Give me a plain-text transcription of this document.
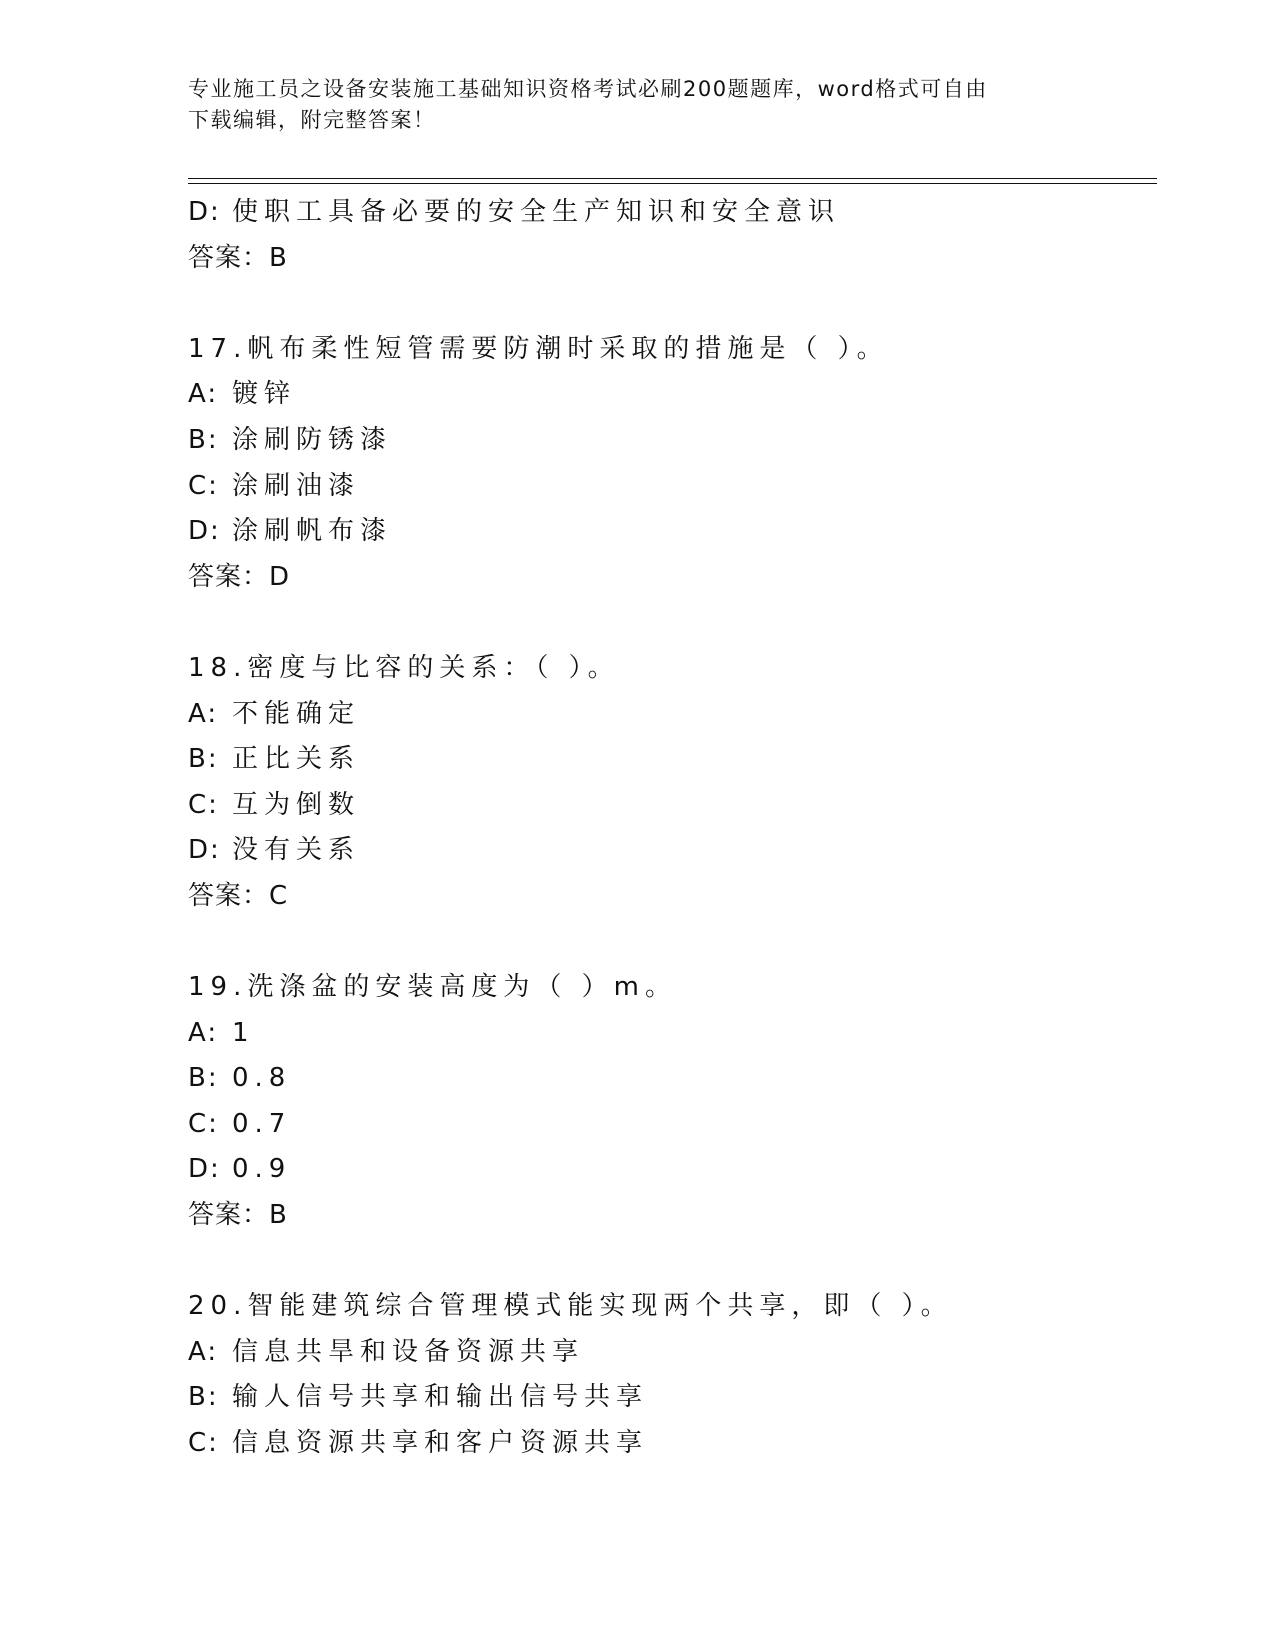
专业施工员之设备安装施工基础知识资格考试必刷200题题库，word格式可自由
下载编辑，附完整答案！
D: 使职工具备必要的安全生产知识和安全意识
答案：B
17.帆布柔性短管需要防潮时采取的措施是（ ）。
A: 镀锌
B: 涂刷防锈漆
C: 涂刷油漆
D: 涂刷帆布漆
答案：D
18.密度与比容的关系：（ ）。
A: 不能确定
B: 正比关系
C: 互为倒数
D: 没有关系
答案：C
19.洗涤盆的安装高度为（ ）m。
A: 1
B: 0.8
C: 0.7
D: 0.9
答案：B
20.智能建筑综合管理模式能实现两个共享，即（ ）。
A: 信息共旱和设备资源共享
B: 输人信号共享和输出信号共享
C: 信息资源共享和客户资源共享
